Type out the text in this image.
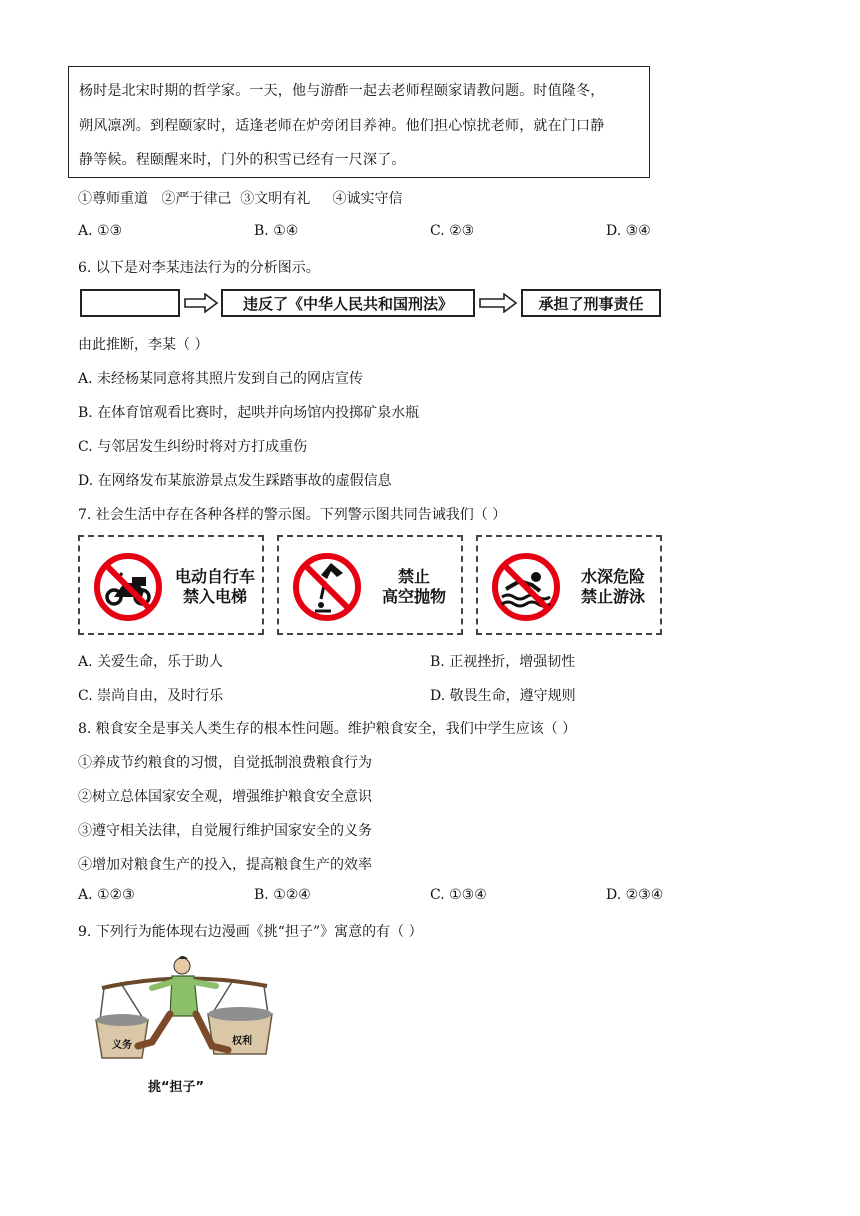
杨时是北宋时期的哲学家。一天，他与游酢一起去老师程颐家请教问题。时值隆冬，
朔风凛冽。到程颐家时，适逢老师在炉旁闭目养神。他们担心惊扰老师，就在门口静
静等候。程颐醒来时，门外的积雪已经有一尺深了。
①尊师重道   ②严于律己  ③文明有礼     ④诚实守信
A. ①③	B. ①④	C. ②③	D. ③④
6. 以下是对李某违法行为的分析图示。
违反了《中华人民共和国刑法》	承担了刑事责任
由此推断，李某（ ）
A. 未经杨某同意将其照片发到自己的网店宣传
B. 在体育馆观看比赛时，起哄并向场馆内投掷矿泉水瓶
C. 与邻居发生纠纷时将对方打成重伤
D. 在网络发布某旅游景点发生踩踏事故的虚假信息
7. 社会生活中存在各种各样的警示图。下列警示图共同告诫我们（ ）
电动自行车
禁入电梯
禁止
高空抛物
水深危险
禁止游泳
A. 关爱生命，乐于助人	B. 正视挫折，增强韧性
C. 崇尚自由，及时行乐	D. 敬畏生命，遵守规则
8. 粮食安全是事关人类生存的根本性问题。维护粮食安全，我们中学生应该（ ）
①养成节约粮食的习惯，自觉抵制浪费粮食行为
②树立总体国家安全观，增强维护粮食安全意识
③遵守相关法律，自觉履行维护国家安全的义务
④增加对粮食生产的投入，提高粮食生产的效率
A. ①②③	B. ①②④	C. ①③④	D. ②③④
9. 下列行为能体现右边漫画《挑“担子”》寓意的有（ ）
义务	权利
挑“担子”
